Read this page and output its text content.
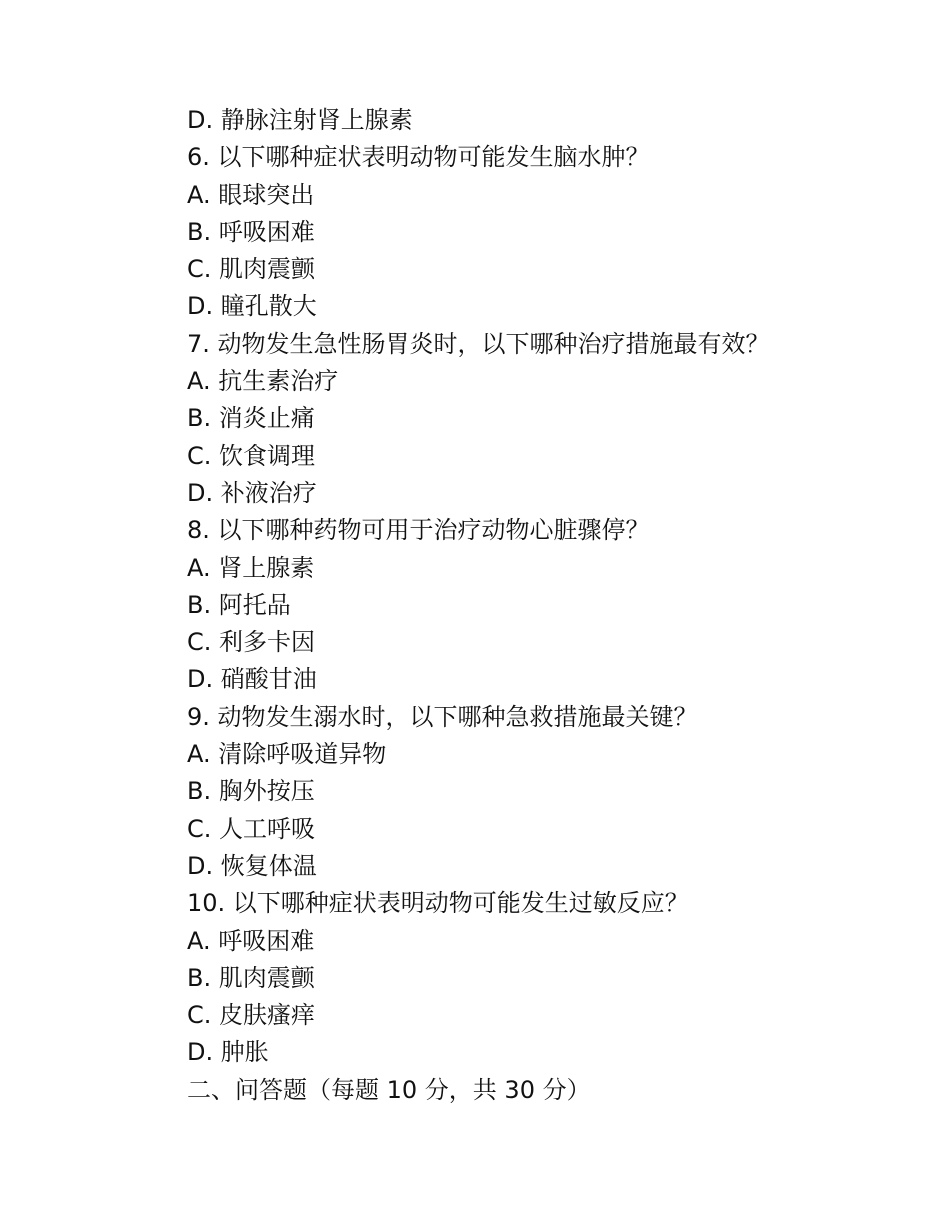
D. 静脉注射肾上腺素
6. 以下哪种症状表明动物可能发生脑水肿？
A. 眼球突出
B. 呼吸困难
C. 肌肉震颤
D. 瞳孔散大
7. 动物发生急性肠胃炎时，以下哪种治疗措施最有效？
A. 抗生素治疗
B. 消炎止痛
C. 饮食调理
D. 补液治疗
8. 以下哪种药物可用于治疗动物心脏骤停？
A. 肾上腺素
B. 阿托品
C. 利多卡因
D. 硝酸甘油
9. 动物发生溺水时，以下哪种急救措施最关键？
A. 清除呼吸道异物
B. 胸外按压
C. 人工呼吸
D. 恢复体温
10. 以下哪种症状表明动物可能发生过敏反应？
A. 呼吸困难
B. 肌肉震颤
C. 皮肤瘙痒
D. 肿胀
二、问答题（每题 10 分，共 30 分）
